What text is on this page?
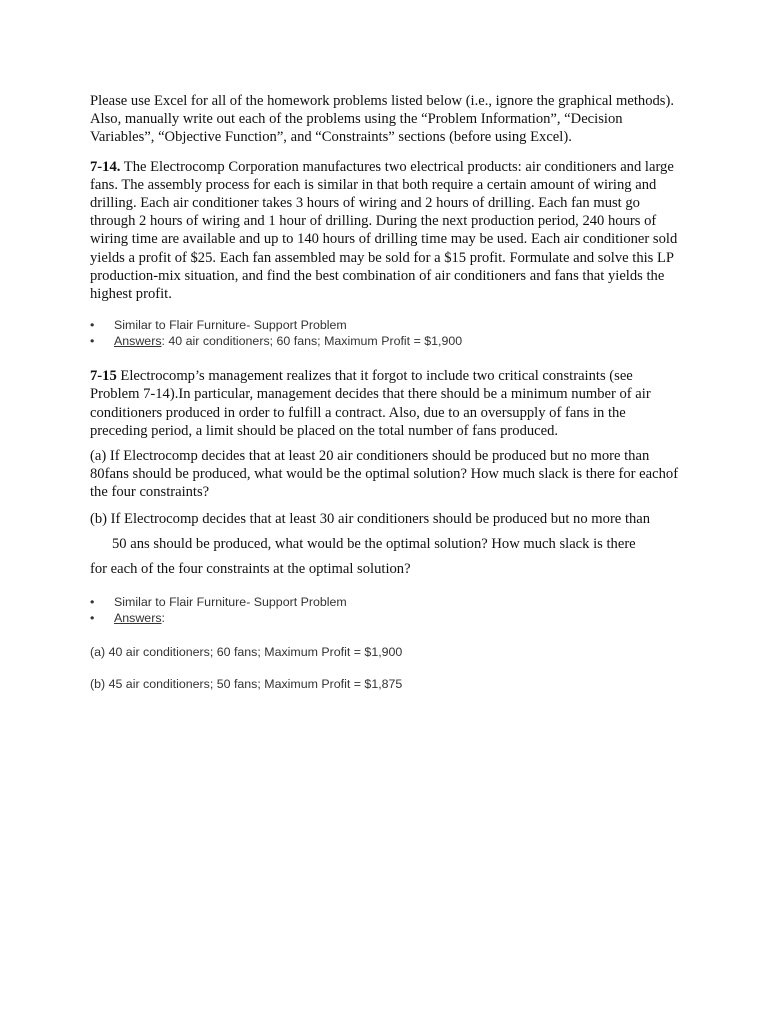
Please use Excel for all of the homework problems listed below (i.e., ignore the graphical methods). Also, manually write out each of the problems using the “Problem Information”, “Decision Variables”, “Objective Function”, and “Constraints” sections (before using Excel).

7-14. The Electrocomp Corporation manufactures two electrical products: air conditioners and large fans. The assembly process for each is similar in that both require a certain amount of wiring and drilling. Each air conditioner takes 3 hours of wiring and 2 hours of drilling. Each fan must go through 2 hours of wiring and 1 hour of drilling. During the next production period, 240 hours of wiring time are available and up to 140 hours of drilling time may be used. Each air conditioner sold yields a profit of $25. Each fan assembled may be sold for a $15 profit. Formulate and solve this LP production-mix situation, and find the best combination of air conditioners and fans that yields the highest profit.

• Similar to Flair Furniture- Support Problem
• Answers: 40 air conditioners; 60 fans; Maximum Profit = $1,900

7-15 Electrocomp’s management realizes that it forgot to include two critical constraints (see Problem 7-14).In particular, management decides that there should be a minimum number of air conditioners produced in order to fulfill a contract. Also, due to an oversupply of fans in the preceding period, a limit should be placed on the total number of fans produced.

(a) If Electrocomp decides that at least 20 air conditioners should be produced but no more than 80fans should be produced, what would be the optimal solution? How much slack is there for eachof the four constraints?

(b) If Electrocomp decides that at least 30 air conditioners should be produced but no more than

50 ans should be produced, what would be the optimal solution? How much slack is there

for each of the four constraints at the optimal solution?

• Similar to Flair Furniture- Support Problem
• Answers:

(a) 40 air conditioners; 60 fans; Maximum Profit = $1,900

(b) 45 air conditioners; 50 fans; Maximum Profit = $1,875
